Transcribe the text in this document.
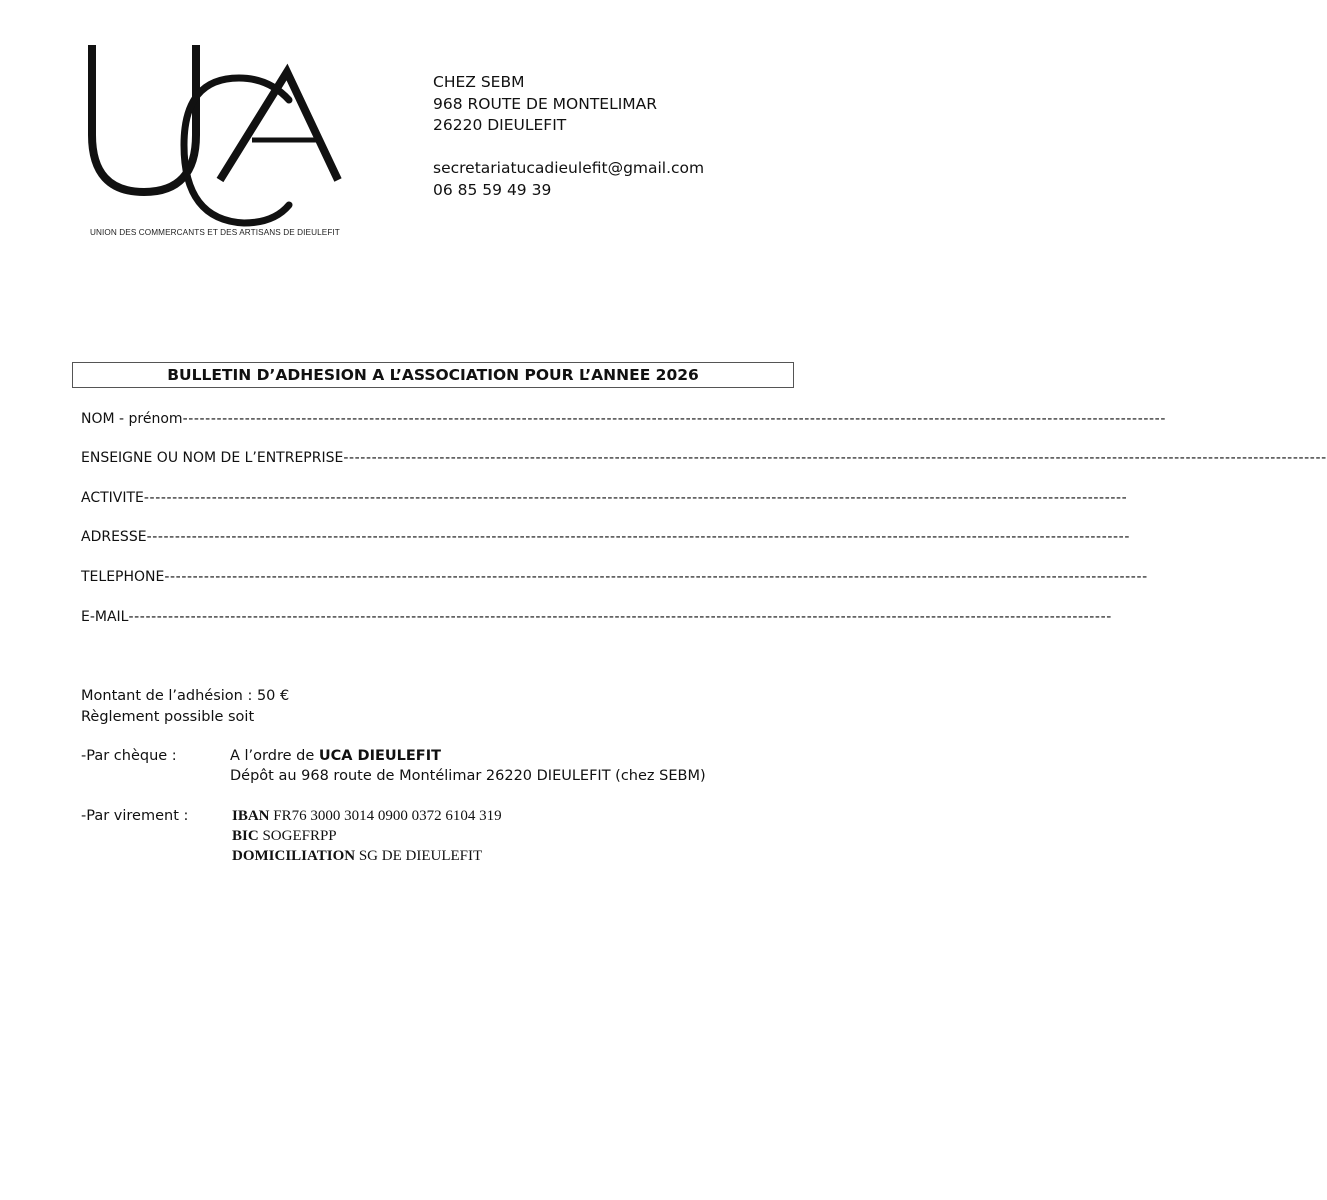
UNION DES COMMERCANTS ET DES ARTISANS DE DIEULEFIT
CHEZ SEBM
968 ROUTE DE MONTELIMAR
26220 DIEULEFIT
secretariatucadieulefit@gmail.com
06 85 59 49 39
BULLETIN D’ADHESION A L’ASSOCIATION POUR L’ANNEE 2026
NOM - prénom ------------------------------------------------------------------------------------------------------------------------------------------------------------------------------
ENSEIGNE OU NOM DE L’ENTREPRISE ------------------------------------------------------------------------------------------------------------------------------------------------------------------------------
ACTIVITE ------------------------------------------------------------------------------------------------------------------------------------------------------------------------------
ADRESSE ------------------------------------------------------------------------------------------------------------------------------------------------------------------------------
TELEPHONE ------------------------------------------------------------------------------------------------------------------------------------------------------------------------------
E-MAIL ------------------------------------------------------------------------------------------------------------------------------------------------------------------------------
Montant de l’adhésion : 50 €
Règlement possible soit
-Par chèque :	A l’ordre de UCA DIEULEFIT
Dépôt au 968 route de Montélimar 26220 DIEULEFIT (chez SEBM)
-Par virement :	IBAN FR76 3000 3014 0900 0372 6104 319
BIC SOGEFRPP
DOMICILIATION SG DE DIEULEFIT
